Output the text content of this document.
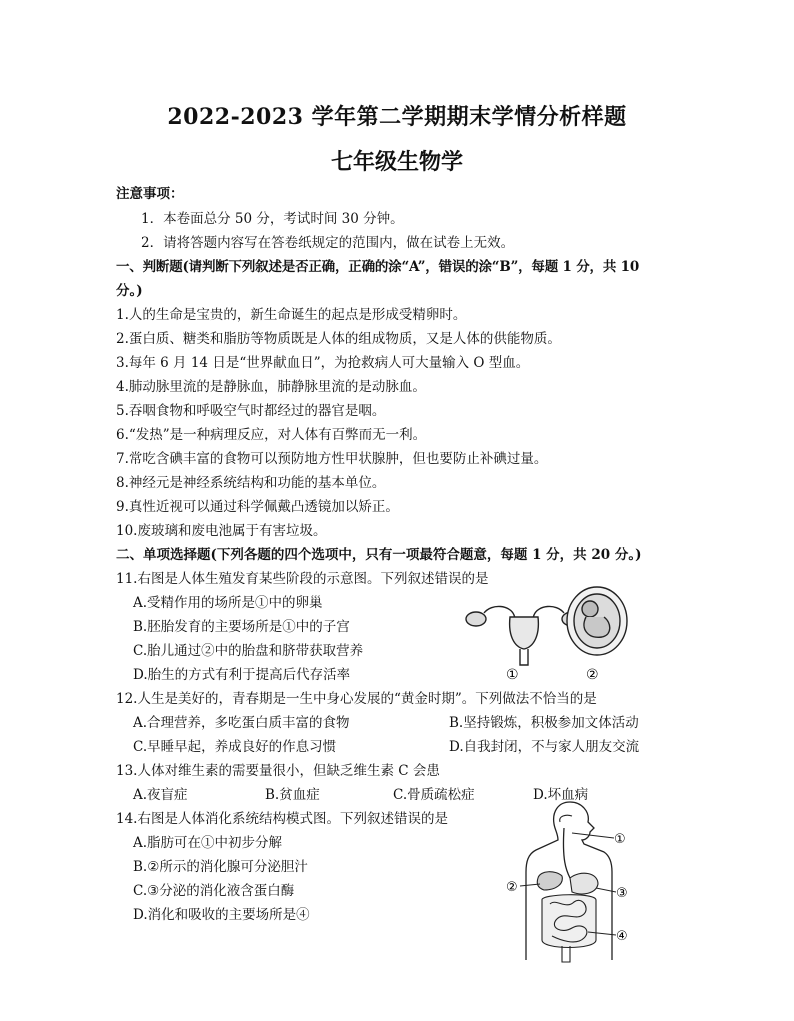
2022-2023 学年第二学期期末学情分析样题
七年级生物学
注意事项：
1．本卷面总分 50 分，考试时间 30 分钟。
2．请将答题内容写在答卷纸规定的范围内，做在试卷上无效。
一、判断题(请判断下列叙述是否正确，正确的涂“A”，错误的涂“B”，每题 1 分，共 10
分。)
1.人的生命是宝贵的，新生命诞生的起点是形成受精卵时。
2.蛋白质、糖类和脂肪等物质既是人体的组成物质，又是人体的供能物质。
3.每年 6 月 14 日是“世界献血日”，为抢救病人可大量输入 O 型血。
4.肺动脉里流的是静脉血，肺静脉里流的是动脉血。
5.吞咽食物和呼吸空气时都经过的器官是咽。
6.“发热”是一种病理反应，对人体有百弊而无一利。
7.常吃含碘丰富的食物可以预防地方性甲状腺肿，但也要防止补碘过量。
8.神经元是神经系统结构和功能的基本单位。
9.真性近视可以通过科学佩戴凸透镜加以矫正。
10.废玻璃和废电池属于有害垃圾。
二、单项选择题(下列各题的四个选项中，只有一项最符合题意，每题 1 分，共 20 分。)
11.右图是人体生殖发育某些阶段的示意图。下列叙述错误的是
A.受精作用的场所是①中的卵巢
B.胚胎发育的主要场所是①中的子宫
C.胎儿通过②中的胎盘和脐带获取营养
D.胎生的方式有利于提高后代存活率	①	②
12.人生是美好的，青春期是一生中身心发展的“黄金时期”。下列做法不恰当的是
A.合理营养，多吃蛋白质丰富的食物	B.坚持锻炼，积极参加文体活动
C.早睡早起，养成良好的作息习惯	D.自我封闭，不与家人朋友交流
13.人体对维生素的需要量很小，但缺乏维生素 C 会患
A.夜盲症	B.贫血症	C.骨质疏松症	D.坏血病
14.右图是人体消化系统结构模式图。下列叙述错误的是
A.脂肪可在①中初步分解
B.②所示的消化腺可分泌胆汁
C.③分泌的消化液含蛋白酶
D.消化和吸收的主要场所是④
①
②	③
④
